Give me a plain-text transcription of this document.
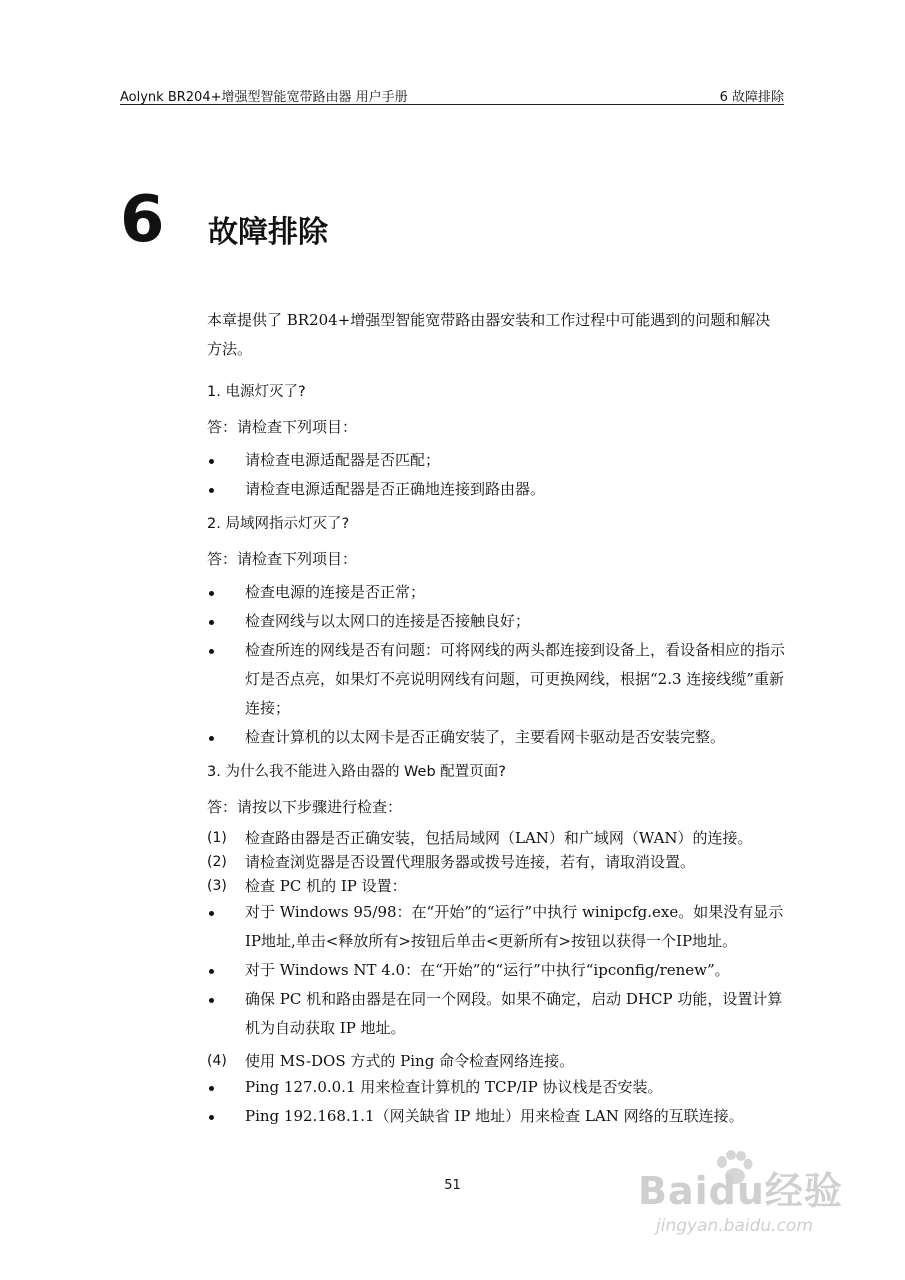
Aolynk BR204+增强型智能宽带路由器 用户手册	6 故障排除
6 故障排除

本章提供了 BR204+增强型智能宽带路由器安装和工作过程中可能遇到的问题和解决方法。

1. 电源灯灭了?

答：请检查下列项目：

请检查电源适配器是否匹配；
请检查电源适配器是否正确地连接到路由器。

2. 局域网指示灯灭了?

答：请检查下列项目：

检查电源的连接是否正常；
检查网线与以太网口的连接是否接触良好；
检查所连的网线是否有问题：可将网线的两头都连接到设备上，看设备相应的指示灯是否点亮，如果灯不亮说明网线有问题，可更换网线，根据“2.3 连接线缆”重新连接；
检查计算机的以太网卡是否正确安装了，主要看网卡驱动是否安装完整。

3. 为什么我不能进入路由器的 Web 配置页面?

答：请按以下步骤进行检查：

(1) 检查路由器是否正确安装，包括局域网（LAN）和广域网（WAN）的连接。
(2) 请检查浏览器是否设置代理服务器或拨号连接，若有，请取消设置。
(3) 检查 PC 机的 IP 设置：
对于 Windows 95/98：在“开始”的“运行”中执行 winipcfg.exe。如果没有显示IP地址,单击<释放所有>按钮后单击<更新所有>按钮以获得一个IP地址。
对于 Windows NT 4.0：在“开始”的“运行”中执行“ipconfig/renew”。
确保 PC 机和路由器是在同一个网段。如果不确定，启动 DHCP 功能，设置计算机为自动获取 IP 地址。
(4) 使用 MS-DOS 方式的 Ping 命令检查网络连接。
Ping 127.0.0.1 用来检查计算机的 TCP/IP 协议栈是否安装。
Ping 192.168.1.1（网关缺省 IP 地址）用来检查 LAN 网络的互联连接。
51	Baidu经验
jingyan.baidu.com
